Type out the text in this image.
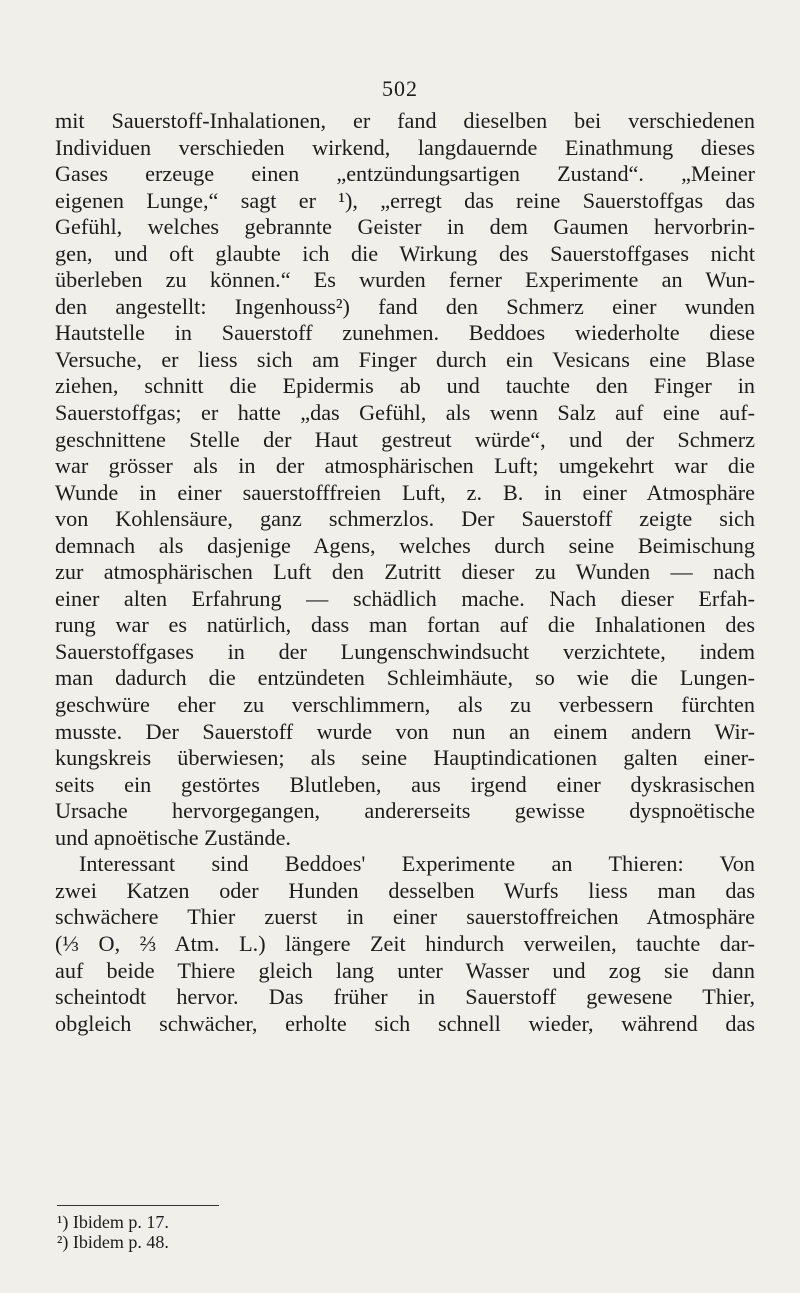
502
mit Sauerstoff-Inhalationen, er fand dieselben bei verschiedenen
Individuen verschieden wirkend, langdauernde Einathmung dieses
Gases erzeuge einen „entzündungsartigen Zustand“. „Meiner
eigenen Lunge,“ sagt er ¹), „erregt das reine Sauerstoffgas das
Gefühl, welches gebrannte Geister in dem Gaumen hervorbrin-
gen, und oft glaubte ich die Wirkung des Sauerstoffgases nicht
überleben zu können.“ Es wurden ferner Experimente an Wun-
den angestellt: Ingenhouss²) fand den Schmerz einer wunden
Hautstelle in Sauerstoff zunehmen. Beddoes wiederholte diese
Versuche, er liess sich am Finger durch ein Vesicans eine Blase
ziehen, schnitt die Epidermis ab und tauchte den Finger in
Sauerstoffgas; er hatte „das Gefühl, als wenn Salz auf eine auf-
geschnittene Stelle der Haut gestreut würde“, und der Schmerz
war grösser als in der atmosphärischen Luft; umgekehrt war die
Wunde in einer sauerstofffreien Luft, z. B. in einer Atmosphäre
von Kohlensäure, ganz schmerzlos. Der Sauerstoff zeigte sich
demnach als dasjenige Agens, welches durch seine Beimischung
zur atmosphärischen Luft den Zutritt dieser zu Wunden — nach
einer alten Erfahrung — schädlich mache. Nach dieser Erfah-
rung war es natürlich, dass man fortan auf die Inhalationen des
Sauerstoffgases in der Lungenschwindsucht verzichtete, indem
man dadurch die entzündeten Schleimhäute, so wie die Lungen-
geschwüre eher zu verschlimmern, als zu verbessern fürchten
musste. Der Sauerstoff wurde von nun an einem andern Wir-
kungskreis überwiesen; als seine Hauptindicationen galten einer-
seits ein gestörtes Blutleben, aus irgend einer dyskrasischen
Ursache hervorgegangen, andererseits gewisse dyspnoëtische
und apnoëtische Zustände.
Interessant sind Beddoes' Experimente an Thieren: Von
zwei Katzen oder Hunden desselben Wurfs liess man das
schwächere Thier zuerst in einer sauerstoffreichen Atmosphäre
(⅓ O, ⅔ Atm. L.) längere Zeit hindurch verweilen, tauchte dar-
auf beide Thiere gleich lang unter Wasser und zog sie dann
scheintodt hervor. Das früher in Sauerstoff gewesene Thier,
obgleich schwächer, erholte sich schnell wieder, während das
¹) Ibidem p. 17.
²) Ibidem p. 48.
